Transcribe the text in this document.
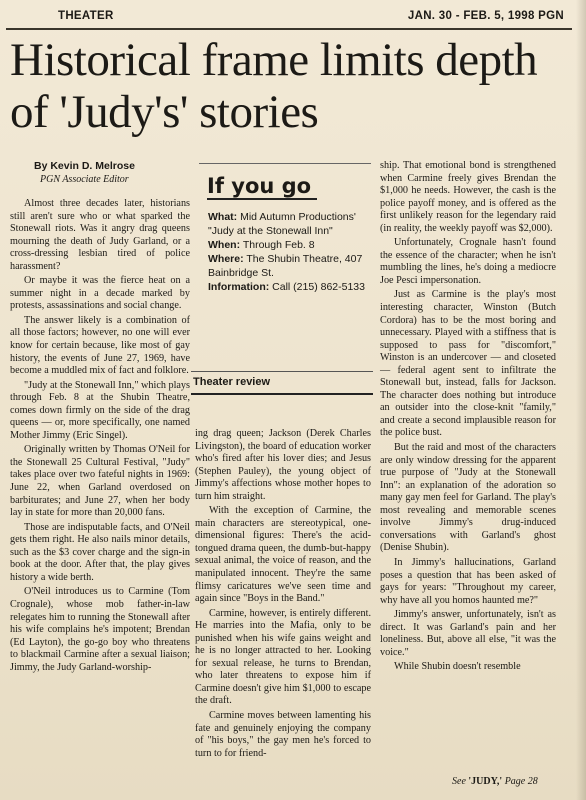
THEATER	JAN. 30 - FEB. 5, 1998 PGN
Historical frame limits depth of 'Judy's' stories
By Kevin D. Melrose
PGN Associate Editor

Almost three decades later, historians still aren't sure who or what sparked the Stonewall riots. Was it angry drag queens mourning the death of Judy Garland, or a cross-dressing lesbian tired of police harassment?

Or maybe it was the fierce heat on a summer night in a decade marked by protests, assassinations and social change.

The answer likely is a combination of all those factors; however, no one will ever know for certain because, like most of gay history, the events of June 27, 1969, have become a muddled mix of fact and folklore.

"Judy at the Stonewall Inn," which plays through Feb. 8 at the Shubin Theatre, comes down firmly on the side of the drag queens — or, more specifically, one named Mother Jimmy (Eric Singel).

Originally written by Thomas O'Neil for the Stonewall 25 Cultural Festival, "Judy" takes place over two fateful nights in 1969: June 22, when Garland overdosed on barbiturates; and June 27, when her body lay in state for more than 20,000 fans.

Those are indisputable facts, and O'Neil gets them right. He also nails minor details, such as the $3 cover charge and the sign-in book at the door. After that, the play gives history a wide berth.

O'Neil introduces us to Carmine (Tom Crognale), whose mob father-in-law relegates him to running the Stonewall after his wife complains he's impotent; Brendan (Ed Layton), the go-go boy who threatens to blackmail Carmine after a sexual liaison; Jimmy, the Judy Garland-worship-

If you go
What: Mid Autumn Productions' "Judy at the Stonewall Inn"
When: Through Feb. 8
Where: The Shubin Theatre, 407 Bainbridge St.
Information: Call (215) 862-5133
Theater review

ing drag queen; Jackson (Derek Charles Livingston), the board of education worker who's fired after his lover dies; and Jesus (Stephen Pauley), the young object of Jimmy's affections whose mother hopes to turn him straight.

With the exception of Carmine, the main characters are stereotypical, one-dimensional figures: There's the acid-tongued drama queen, the dumb-but-happy sexual animal, the voice of reason, and the manipulated innocent. They're the same flimsy caricatures we've seen time and again since "Boys in the Band."

Carmine, however, is entirely different. He marries into the Mafia, only to be punished when his wife gains weight and he is no longer attracted to her. Looking for sexual release, he turns to Brendan, who later threatens to expose him if Carmine doesn't give him $1,000 to escape the draft.

Carmine moves between lamenting his fate and genuinely enjoying the company of "his boys," the gay men he's forced to turn to for friend-

ship. That emotional bond is strengthened when Carmine freely gives Brendan the $1,000 he needs. However, the cash is the police payoff money, and is offered as the first unlikely reason for the legendary raid (in reality, the weekly payoff was $2,000).

Unfortunately, Crognale hasn't found the essence of the character; when he isn't mumbling the lines, he's doing a mediocre Joe Pesci impersonation.

Just as Carmine is the play's most interesting character, Winston (Butch Cordora) has to be the most boring and unnecessary. Played with a stiffness that is supposed to pass for "discomfort," Winston is an undercover — and closeted — federal agent sent to infiltrate the Stonewall but, instead, falls for Jackson. The character does nothing but introduce an outsider into the close-knit "family," and create a second implausible reason for the police bust.

But the raid and most of the characters are only window dressing for the apparent true purpose of "Judy at the Stonewall Inn": an explanation of the adoration so many gay men feel for Garland. The play's most revealing and memorable scenes involve Jimmy's drug-induced conversations with Garland's ghost (Denise Shubin).

In Jimmy's hallucinations, Garland poses a question that has been asked of gays for years: "Throughout my career, why have all you homos haunted me?"

Jimmy's answer, unfortunately, isn't as direct. It was Garland's pain and her loneliness. But, above all else, "it was the voice."

While Shubin doesn't resemble

See 'JUDY,' Page 28
